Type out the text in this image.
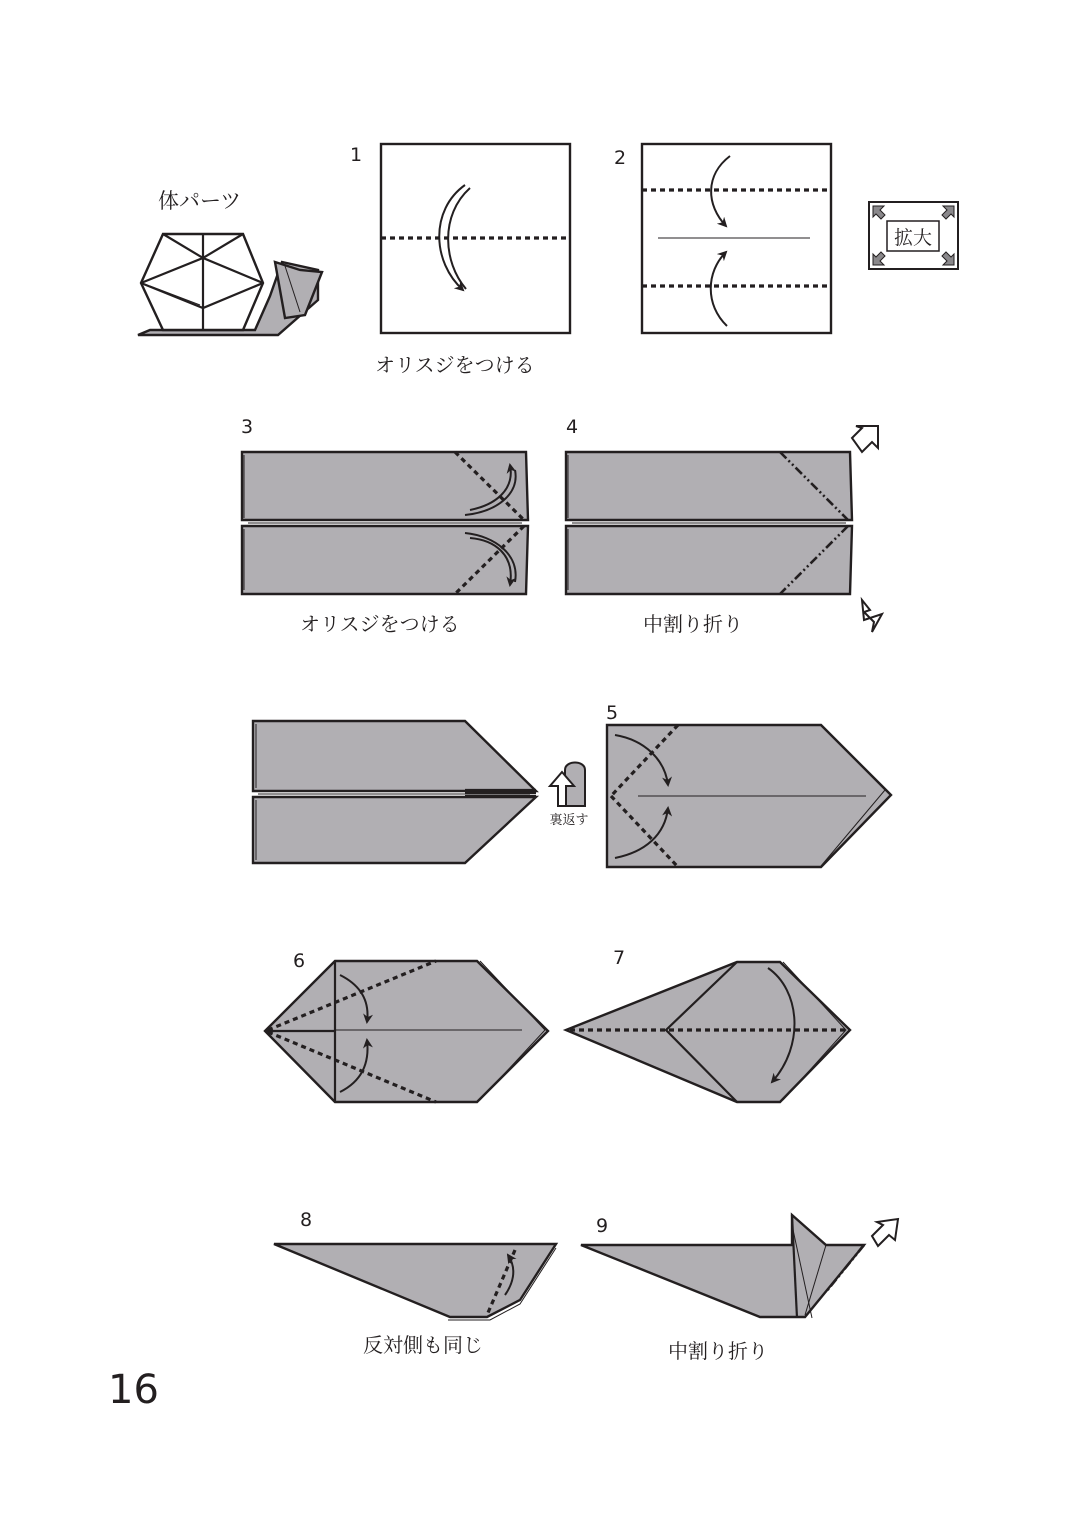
体パーツ
1
オリスジをつける
2
拡大
3
オリスジをつける
4
中割り折り
裏返す
5
6	7
8
反対側も同じ
9
中割り折り
16
